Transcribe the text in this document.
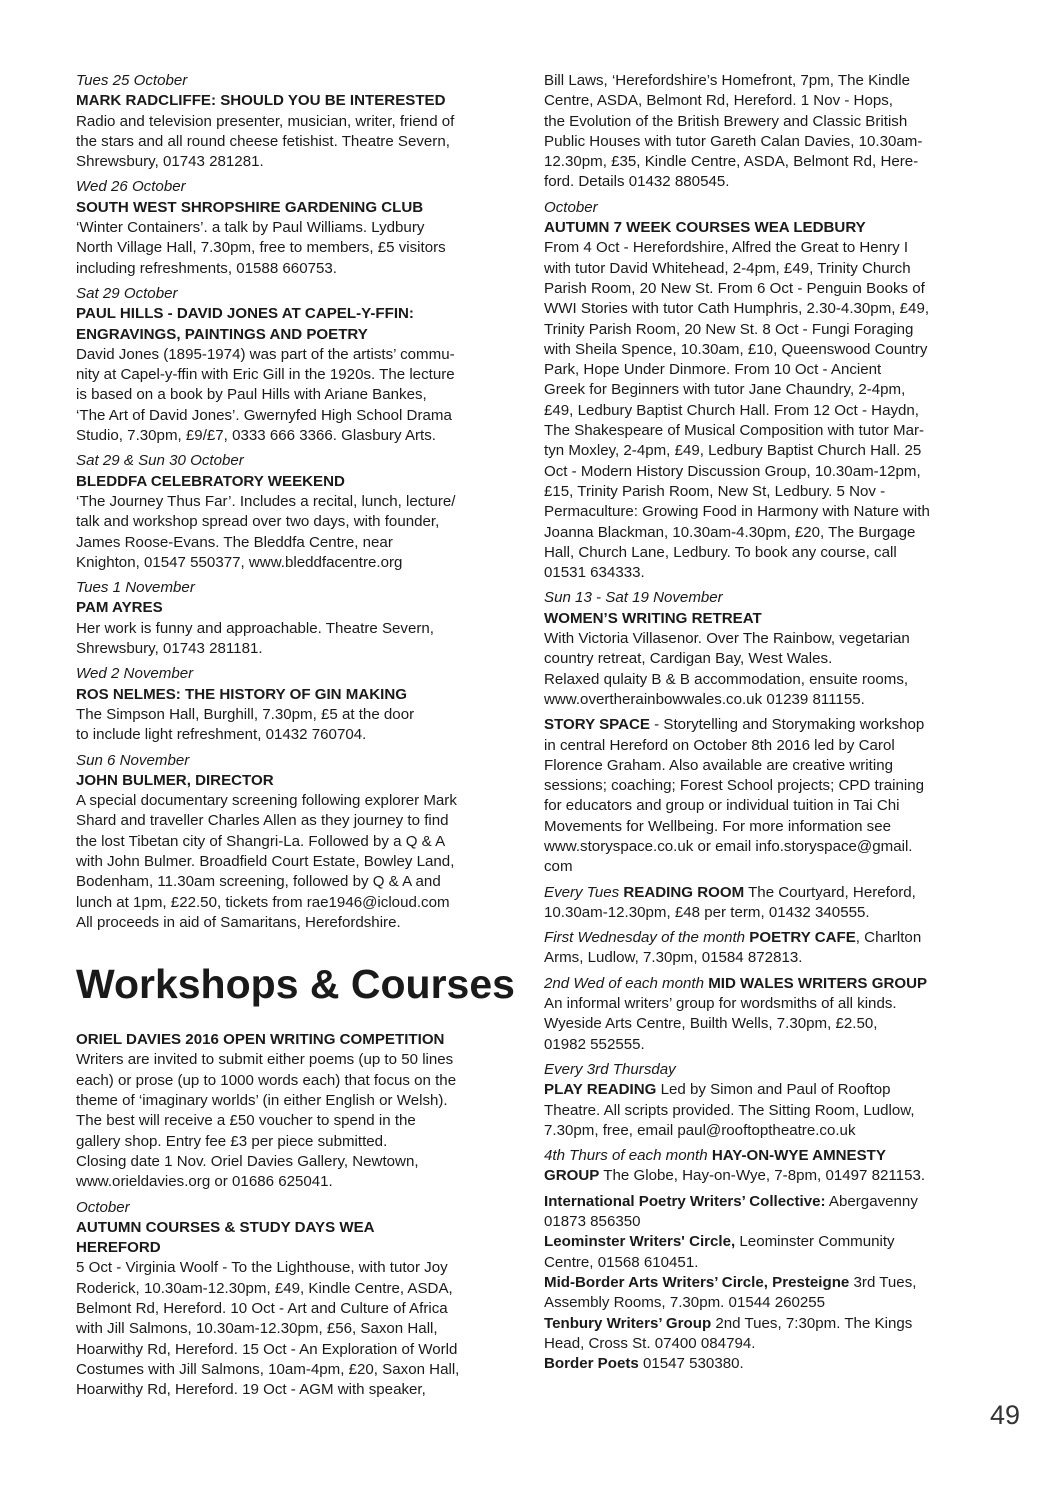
Tues 25 October
MARK RADCLIFFE: SHOULD YOU BE INTERESTED
Radio and television presenter, musician, writer, friend of
the stars and all round cheese fetishist. Theatre Severn,
Shrewsbury, 01743 281281.
Wed 26 October
SOUTH WEST SHROPSHIRE GARDENING CLUB
‘Winter Containers’. a talk by Paul Williams. Lydbury
North Village Hall, 7.30pm, free to members, £5 visitors
including refreshments, 01588 660753.
Sat 29 October
PAUL HILLS - DAVID JONES AT CAPEL-Y-FFIN:
ENGRAVINGS, PAINTINGS AND POETRY
David Jones (1895-1974) was part of the artists’ commu-
nity at Capel-y-ffin with Eric Gill in the 1920s. The lecture
is based on a book by Paul Hills with Ariane Bankes,
‘The Art of David Jones’. Gwernyfed High School Drama
Studio, 7.30pm, £9/£7, 0333 666 3366. Glasbury Arts.
Sat 29 & Sun 30 October
BLEDDFA CELEBRATORY WEEKEND
‘The Journey Thus Far’. Includes a recital, lunch, lecture/
talk and workshop spread over two days, with founder,
James Roose-Evans. The Bleddfa Centre, near
Knighton, 01547 550377, www.bleddfacentre.org
Tues 1 November
PAM AYRES
Her work is funny and approachable. Theatre Severn,
Shrewsbury, 01743 281181.
Wed 2 November
ROS NELMES: THE HISTORY OF GIN MAKING
The Simpson Hall, Burghill, 7.30pm, £5 at the door
to include light refreshment, 01432 760704.
Sun 6 November
JOHN BULMER, DIRECTOR
A special documentary screening following explorer Mark
Shard and traveller Charles Allen as they journey to find
the lost Tibetan city of Shangri-La. Followed by a Q & A
with John Bulmer. Broadfield Court Estate, Bowley Land,
Bodenham, 11.30am screening, followed by Q & A and
lunch at 1pm, £22.50, tickets from rae1946@icloud.com
All proceeds in aid of Samaritans, Herefordshire.
Workshops & Courses
ORIEL DAVIES 2016 OPEN WRITING COMPETITION
Writers are invited to submit either poems (up to 50 lines
each) or prose (up to 1000 words each) that focus on the
theme of ‘imaginary worlds’ (in either English or Welsh).
The best will receive a £50 voucher to spend in the
gallery shop. Entry fee £3 per piece submitted.
Closing date 1 Nov. Oriel Davies Gallery, Newtown,
www.orieldavies.org or 01686 625041.
October
AUTUMN COURSES & STUDY DAYS WEA
HEREFORD
5 Oct - Virginia Woolf - To the Lighthouse, with tutor Joy
Roderick, 10.30am-12.30pm, £49, Kindle Centre, ASDA,
Belmont Rd, Hereford. 10 Oct - Art and Culture of Africa
with Jill Salmons, 10.30am-12.30pm, £56, Saxon Hall,
Hoarwithy Rd, Hereford. 15 Oct - An Exploration of World
Costumes with Jill Salmons, 10am-4pm, £20, Saxon Hall,
Hoarwithy Rd, Hereford. 19 Oct - AGM with speaker,
Bill Laws, ‘Herefordshire’s Homefront, 7pm, The Kindle
Centre, ASDA, Belmont Rd, Hereford. 1 Nov - Hops,
the Evolution of the British Brewery and Classic British
Public Houses with tutor Gareth Calan Davies, 10.30am-
12.30pm, £35, Kindle Centre, ASDA, Belmont Rd, Here-
ford. Details 01432 880545.
October
AUTUMN 7 WEEK COURSES WEA LEDBURY
From 4 Oct - Herefordshire, Alfred the Great to Henry I
with tutor David Whitehead, 2-4pm, £49, Trinity Church
Parish Room, 20 New St. From 6 Oct - Penguin Books of
WWI Stories with tutor Cath Humphris, 2.30-4.30pm, £49,
Trinity Parish Room, 20 New St. 8 Oct - Fungi Foraging
with Sheila Spence, 10.30am, £10, Queenswood Country
Park, Hope Under Dinmore. From 10 Oct - Ancient
Greek for Beginners with tutor Jane Chaundry, 2-4pm,
£49, Ledbury Baptist Church Hall. From 12 Oct - Haydn,
The Shakespeare of Musical Composition with tutor Mar-
tyn Moxley, 2-4pm, £49, Ledbury Baptist Church Hall. 25
Oct - Modern History Discussion Group, 10.30am-12pm,
£15, Trinity Parish Room, New St, Ledbury. 5 Nov -
Permaculture: Growing Food in Harmony with Nature with
Joanna Blackman, 10.30am-4.30pm, £20, The Burgage
Hall, Church Lane, Ledbury. To book any course, call
01531 634333.
Sun 13 - Sat 19 November
WOMEN’S WRITING RETREAT
With Victoria Villasenor. Over The Rainbow, vegetarian
country retreat, Cardigan Bay, West Wales.
Relaxed qulaity B & B accommodation, ensuite rooms,
www.overtherainbowwales.co.uk 01239 811155.
STORY SPACE - Storytelling and Storymaking workshop
in central Hereford on October 8th 2016 led by Carol
Florence Graham. Also available are creative writing
sessions; coaching; Forest School projects; CPD training
for educators and group or individual tuition in Tai Chi
Movements for Wellbeing. For more information see
www.storyspace.co.uk or email info.storyspace@gmail.
com
Every Tues READING ROOM The Courtyard, Hereford,
10.30am-12.30pm, £48 per term, 01432 340555.
First Wednesday of the month POETRY CAFE, Charlton
Arms, Ludlow, 7.30pm, 01584 872813.
2nd Wed of each month MID WALES WRITERS GROUP
An informal writers’ group for wordsmiths of all kinds.
Wyeside Arts Centre, Builth Wells, 7.30pm, £2.50,
01982 552555.
Every 3rd Thursday
PLAY READING Led by Simon and Paul of Rooftop
Theatre. All scripts provided. The Sitting Room, Ludlow,
7.30pm, free, email paul@rooftoptheatre.co.uk
4th Thurs of each month HAY-ON-WYE AMNESTY
GROUP The Globe, Hay-on-Wye, 7-8pm, 01497 821153.
International Poetry Writers’ Collective: Abergavenny
01873 856350
Leominster Writers' Circle, Leominster Community
Centre, 01568 610451.
Mid-Border Arts Writers’ Circle, Presteigne 3rd Tues,
Assembly Rooms, 7.30pm. 01544 260255
Tenbury Writers’ Group 2nd Tues, 7:30pm. The Kings
Head, Cross St. 07400 084794.
Border Poets 01547 530380.
49
